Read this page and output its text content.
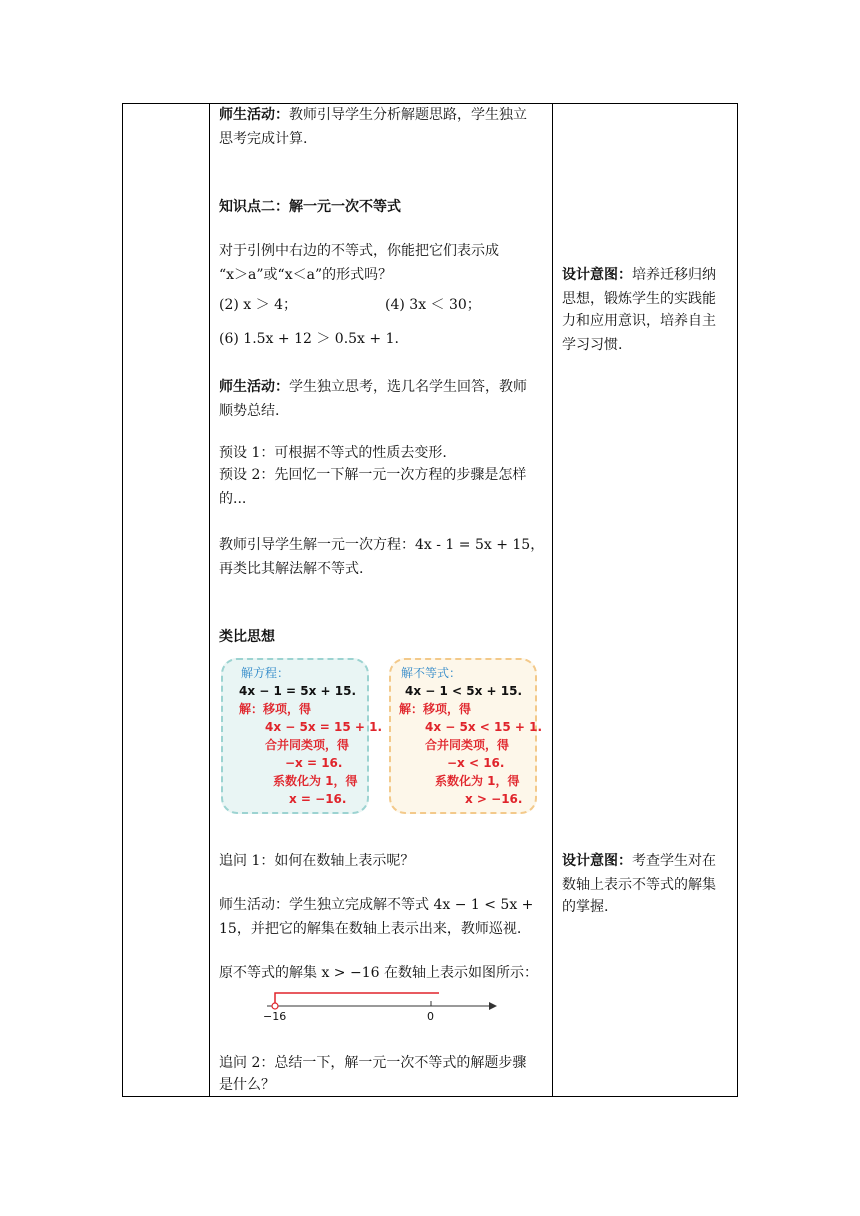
师生活动：教师引导学生分析解题思路，学生独立
思考完成计算.
知识点二：解一元一次不等式
对于引例中右边的不等式，你能把它们表示成
“x＞a”或“x＜a”的形式吗？
(2) x ＞ 4；	(4) 3x ＜ 30；
(6) 1.5x + 12 ＞ 0.5x + 1.
师生活动：学生独立思考，选几名学生回答，教师
顺势总结.
预设 1：可根据不等式的性质去变形.
预设 2：先回忆一下解一元一次方程的步骤是怎样
的...
教师引导学生解一元一次方程：4x - 1 = 5x + 15，
再类比其解法解不等式.
类比思想
解方程：
4x − 1 = 5x + 15.
解：移项，得
4x − 5x = 15 + 1.
合并同类项，得
−x = 16.
系数化为 1，得
x = −16.
解不等式：
4x − 1 < 5x + 15.
解：移项，得
4x − 5x < 15 + 1.
合并同类项，得
−x < 16.
系数化为 1，得
x > −16.
追问 1：如何在数轴上表示呢？
师生活动：学生独立完成解不等式 4x − 1 < 5x +
15，并把它的解集在数轴上表示出来，教师巡视.
原不等式的解集 x > −16 在数轴上表示如图所示：
−16	0
追问 2：总结一下，解一元一次不等式的解题步骤
是什么？
设计意图：培养迁移归纳
思想，锻炼学生的实践能
力和应用意识，培养自主
学习习惯.
设计意图：考查学生对在
数轴上表示不等式的解集
的掌握.
